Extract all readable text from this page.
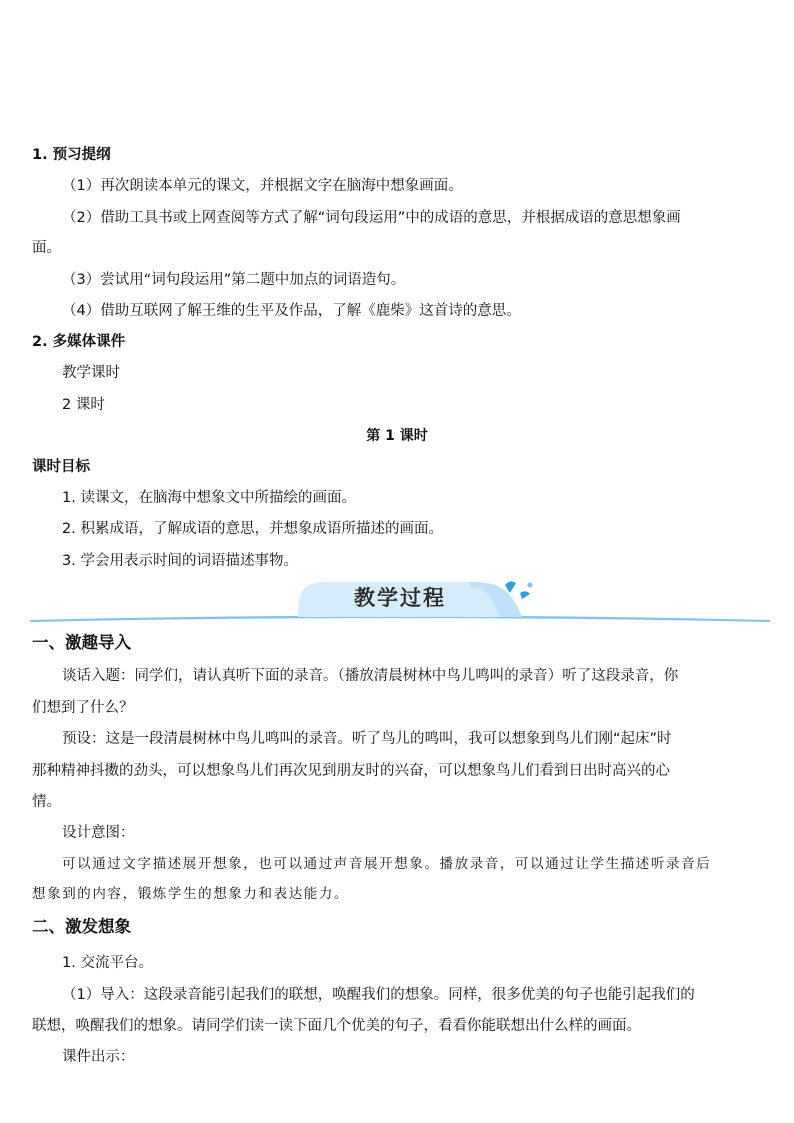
1. 预习提纲
（1）再次朗读本单元的课文，并根据文字在脑海中想象画面。
（2）借助工具书或上网查阅等方式了解“词句段运用”中的成语的意思，并根据成语的意思想象画
面。
（3）尝试用“词句段运用”第二题中加点的词语造句。
（4）借助互联网了解王维的生平及作品，了解《鹿柴》这首诗的意思。
2. 多媒体课件
教学课时
2 课时
第 1 课时
课时目标
1. 读课文，在脑海中想象文中所描绘的画面。
2. 积累成语，了解成语的意思，并想象成语所描述的画面。
3. 学会用表示时间的词语描述事物。
教学过程
一、激趣导入
谈话入题：同学们，请认真听下面的录音。（播放清晨树林中鸟儿鸣叫的录音）听了这段录音，你
们想到了什么？
预设：这是一段清晨树林中鸟儿鸣叫的录音。听了鸟儿的鸣叫，我可以想象到鸟儿们刚“起床”时
那种精神抖擞的劲头，可以想象鸟儿们再次见到朋友时的兴奋，可以想象鸟儿们看到日出时高兴的心
情。
设计意图：
可以通过文字描述展开想象，也可以通过声音展开想象。播放录音，可以通过让学生描述听录音后
想象到的内容，锻炼学生的想象力和表达能力。
二、激发想象
1. 交流平台。
（1）导入：这段录音能引起我们的联想，唤醒我们的想象。同样，很多优美的句子也能引起我们的
联想，唤醒我们的想象。请同学们读一读下面几个优美的句子，看看你能联想出什么样的画面。
课件出示：
